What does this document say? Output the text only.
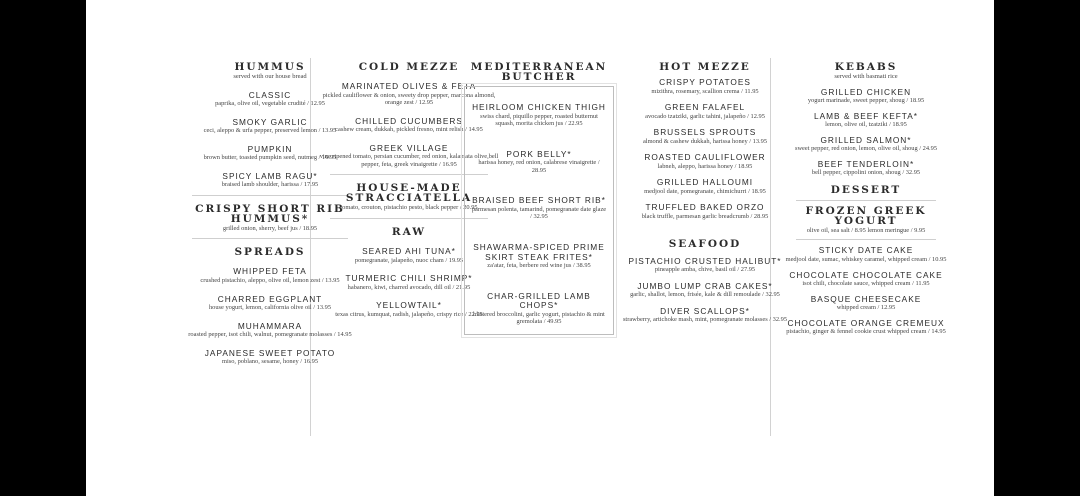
HUMMUS
served with our house bread
CLASSIC
paprika, olive oil, vegetable crudité / 12.95
SMOKY GARLIC
ceci, aleppo & urfa pepper, preserved lemon / 13.95
PUMPKIN
brown butter, toasted pumpkin seed, nutmeg / 16.95
SPICY LAMB RAGU*
braised lamb shoulder, harissa / 17.95
CRISPY SHORT RIB HUMMUS*
grilled onion, sherry, beef jus / 18.95
SPREADS
WHIPPED FETA
crushed pistachio, aleppo, olive oil, lemon zest / 13.95
CHARRED EGGPLANT
house yogurt, lemon, california olive oil / 13.95
MUHAMMARA
roasted pepper, isot chili, walnut, pomegranate molasses / 14.95
JAPANESE SWEET POTATO
miso, poblano, sesame, honey / 16.95
COLD MEZZE
MARINATED OLIVES & FETA
pickled cauliflower & onion, sweety drop pepper, marcona almond, orange zest / 12.95
CHILLED CUCUMBERS
cashew cream, dukkah, pickled fresno, mint relish / 14.95
GREEK VILLAGE
vine ripened tomato, persian cucumber, red onion, kalamata olive,bell pepper, feta, greek vinaigrette / 16.95
HOUSE-MADE STRACCIATELLA
tomato, crouton, pistachio pesto, black pepper / 20.95
RAW
SEARED AHI TUNA*
pomegranate, jalapeño, nuoc cham / 19.95
TURMERIC CHILI SHRIMP*
habanero, kiwi, charred avocado, dill oil / 21.95
YELLOWTAIL*
texas citrus, kumquat, radish, jalapeño, crispy rice / 22.95
MEDITERRANEAN BUTCHER
HEIRLOOM CHICKEN THIGH
swiss chard, piquillo pepper, roasted butternut squash, morita chicken jus / 22.95
PORK BELLY*
harissa honey, red onion, calabrese vinaigrette / 28.95
BRAISED BEEF SHORT RIB*
parmesan polenta, tamarind, pomegranate date glaze / 32.95
SHAWARMA-SPICED PRIME SKIRT STEAK FRITES*
za'atar, feta, berbere red wine jus / 38.95
CHAR-GRILLED LAMB CHOPS*
blistered broccolini, garlic yogurt, pistachio & mint gremolata / 49.95
HOT MEZZE
CRISPY POTATOES
mizithra, rosemary, scallion crema / 11.95
GREEN FALAFEL
avocado tzatziki, garlic tahini, jalapeño / 12.95
BRUSSELS SPROUTS
almond & cashew dukkah, harissa honey / 13.95
ROASTED CAULIFLOWER
labneh, aleppo, harissa honey / 18.95
GRILLED HALLOUMI
medjool date, pomegranate, chimichurri / 18.95
TRUFFLED BAKED ORZO
black truffle, parmesan garlic breadcrumb / 28.95
SEAFOOD
PISTACHIO CRUSTED HALIBUT*
pineapple amba, chive, basil oil / 27.95
JUMBO LUMP CRAB CAKES*
garlic, shallot, lemon, frisée, kale & dill remoulade / 32.95
DIVER SCALLOPS*
strawberry, artichoke mash, mint, pomegranate molasses / 32.95
KEBABS
served with basmati rice
GRILLED CHICKEN
yogurt marinade, sweet pepper, shoug / 18.95
LAMB & BEEF KEFTA*
lemon, olive oil, tzatziki / 18.95
GRILLED SALMON*
sweet pepper, red onion, lemon, olive oil, shoug / 24.95
BEEF TENDERLOIN*
bell pepper, cippolini onion, shoug / 32.95
DESSERT
FROZEN GREEK YOGURT
olive oil, sea salt / 8.95 lemon meringue / 9.95
STICKY DATE CAKE
medjool date, sumac, whiskey caramel, whipped cream / 10.95
CHOCOLATE CHOCOLATE CAKE
isot chili, chocolate sauce, whipped cream / 11.95
BASQUE CHEESECAKE
whipped cream / 12.95
CHOCOLATE ORANGE CREMEUX
pistachio, ginger & fennel cookie crust whipped cream / 14.95
